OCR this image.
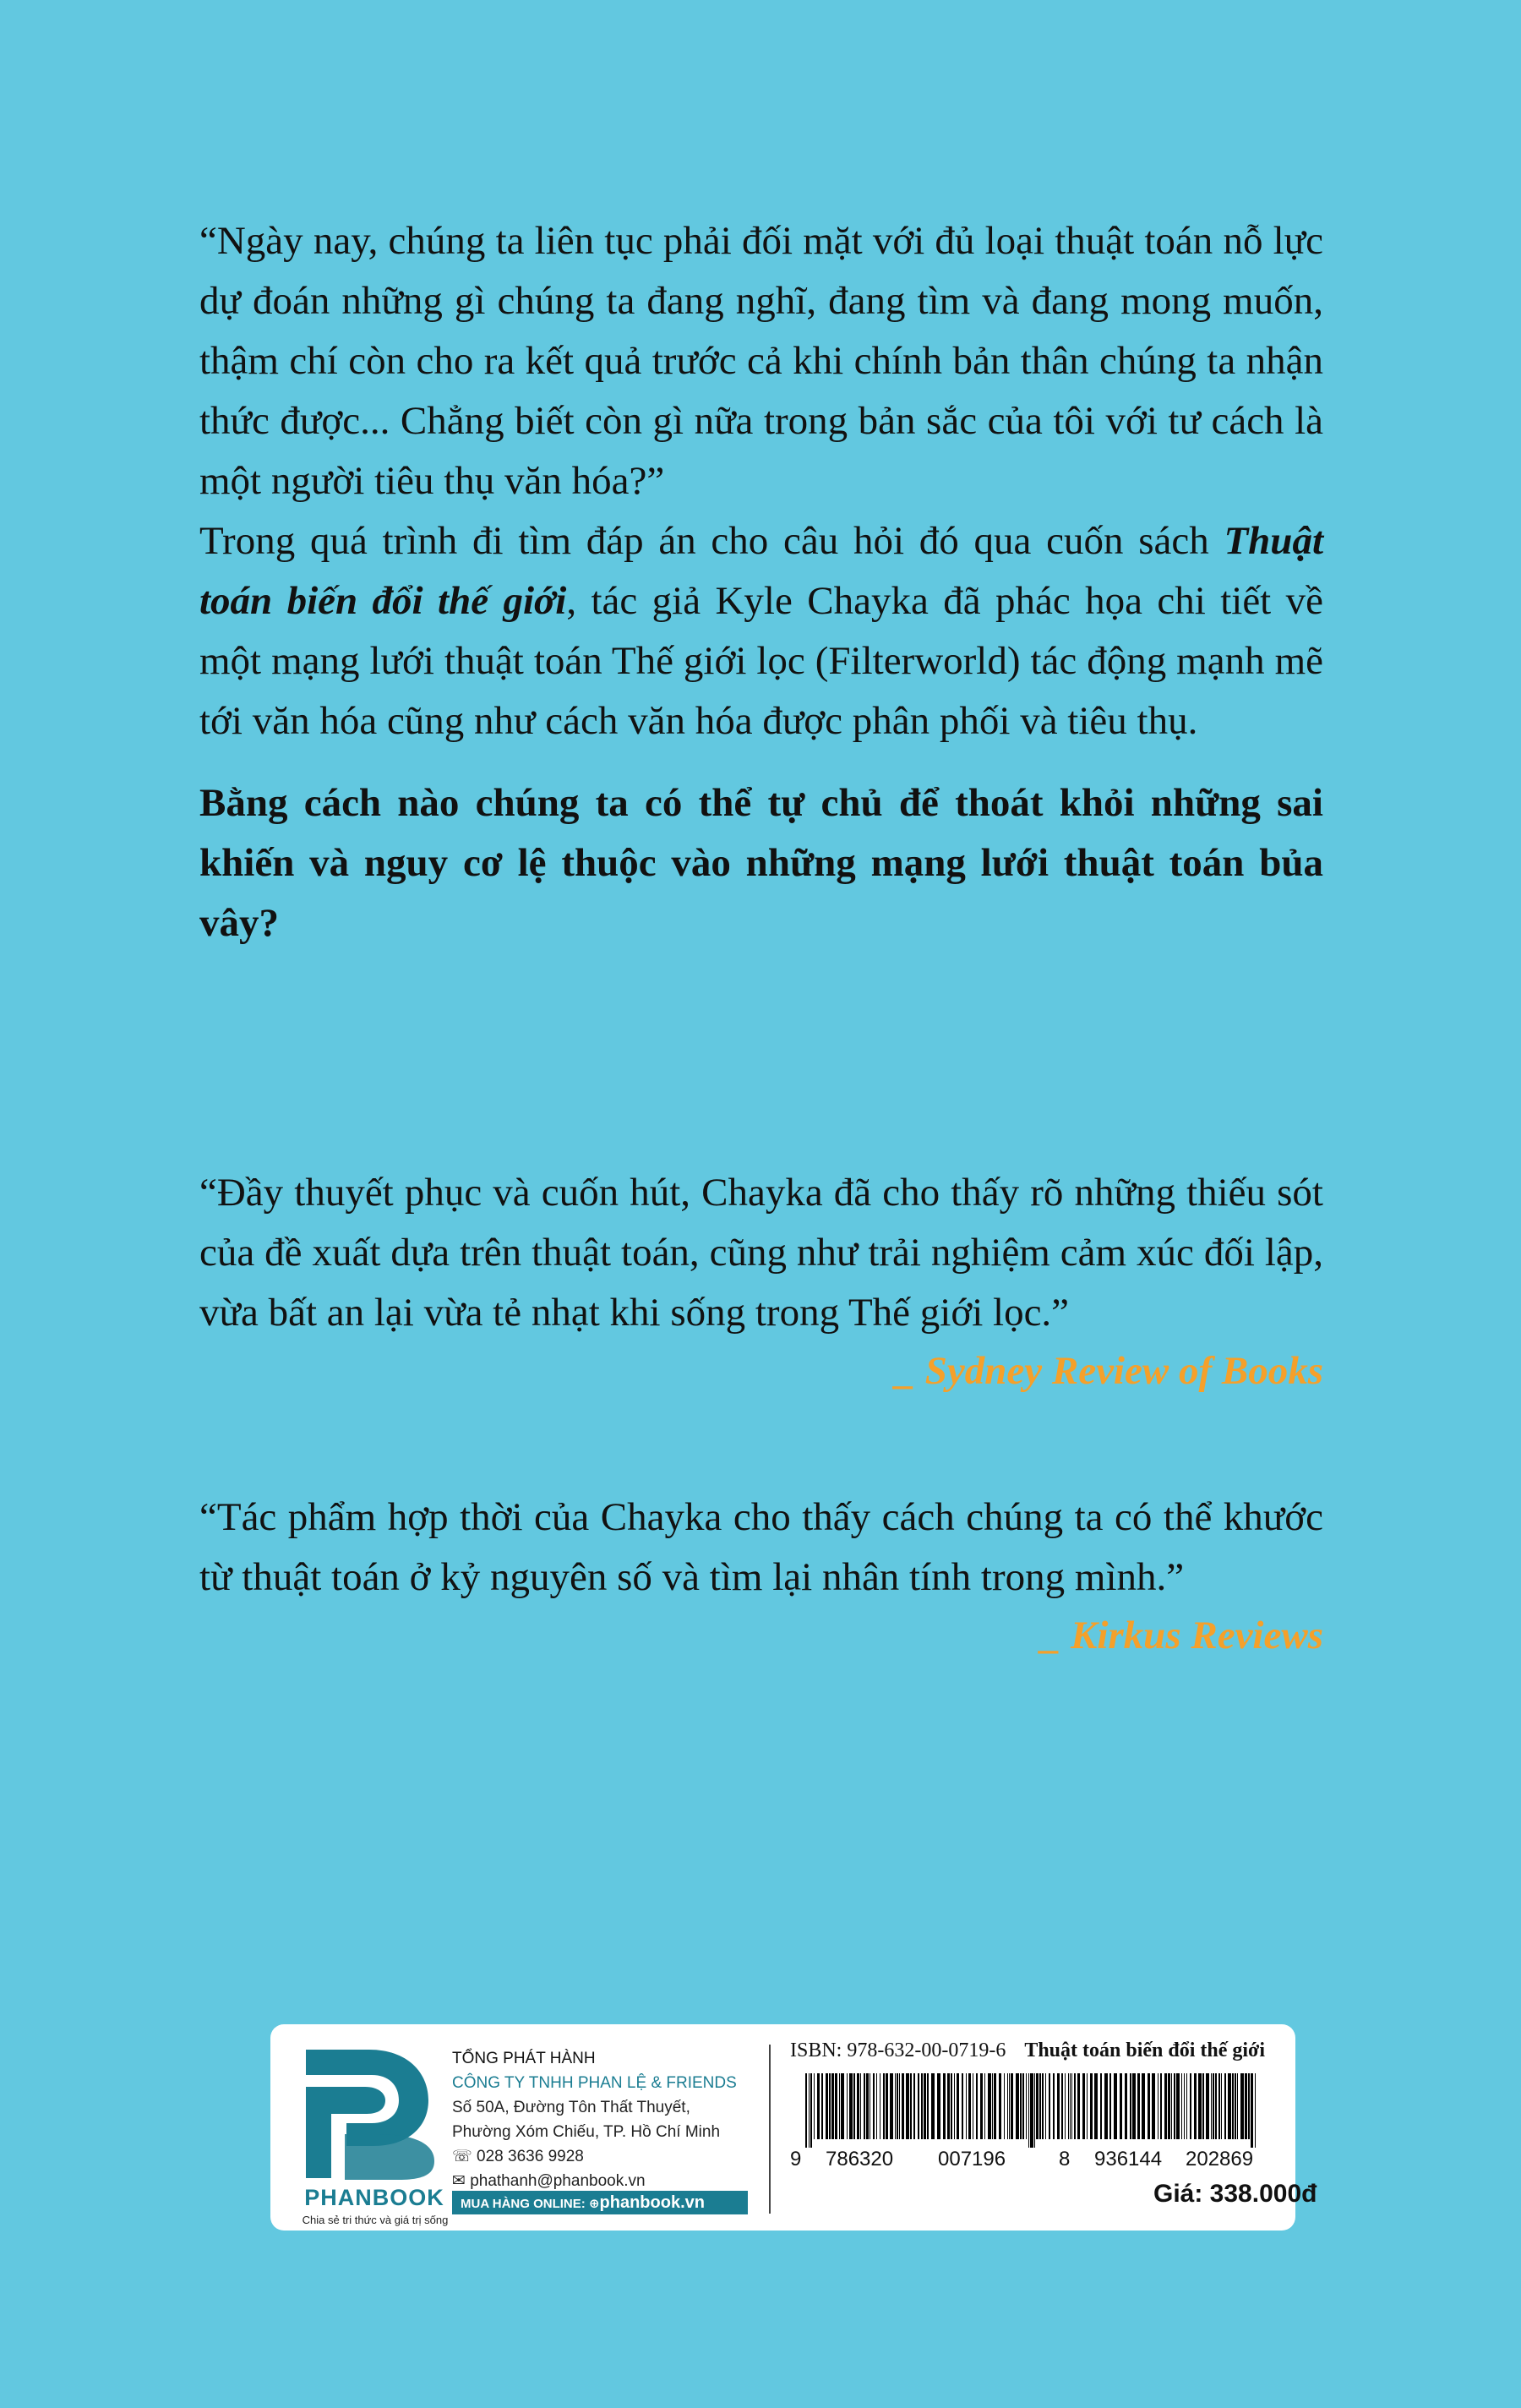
“Ngày nay, chúng ta liên tục phải đối mặt với đủ loại thuật toán nỗ lực dự đoán những gì chúng ta đang nghĩ, đang tìm và đang mong muốn, thậm chí còn cho ra kết quả trước cả khi chính bản thân chúng ta nhận thức được... Chẳng biết còn gì nữa trong bản sắc của tôi với tư cách là một người tiêu thụ văn hóa?”

Trong quá trình đi tìm đáp án cho câu hỏi đó qua cuốn sách Thuật toán biến đổi thế giới, tác giả Kyle Chayka đã phác họa chi tiết về một mạng lưới thuật toán Thế giới lọc (Filterworld) tác động mạnh mẽ tới văn hóa cũng như cách văn hóa được phân phối và tiêu thụ.

Bằng cách nào chúng ta có thể tự chủ để thoát khỏi những sai khiến và nguy cơ lệ thuộc vào những mạng lưới thuật toán bủa vây?

“Đầy thuyết phục và cuốn hút, Chayka đã cho thấy rõ những thiếu sót của đề xuất dựa trên thuật toán, cũng như trải nghiệm cảm xúc đối lập, vừa bất an lại vừa tẻ nhạt khi sống trong Thế giới lọc.”

_ Sydney Review of Books

“Tác phẩm hợp thời của Chayka cho thấy cách chúng ta có thể khước từ thuật toán ở kỷ nguyên số và tìm lại nhân tính trong mình.”

_ Kirkus Reviews

PHANBOOK
Chia sẻ tri thức và giá trị sống
TỔNG PHÁT HÀNH
CÔNG TY TNHH PHAN LỆ & FRIENDS
Số 50A, Đường Tôn Thất Thuyết,
Phường Xóm Chiếu, TP. Hồ Chí Minh
☏ 028 3636 9928
✉ phathanh@phanbook.vn
MUA HÀNG ONLINE: ⊕phanbook.vn
ISBN: 978-632-00-0719-6 Thuật toán biến đổi thế giới
9 786320 007196	8 936144 202869
Giá: 338.000đ
